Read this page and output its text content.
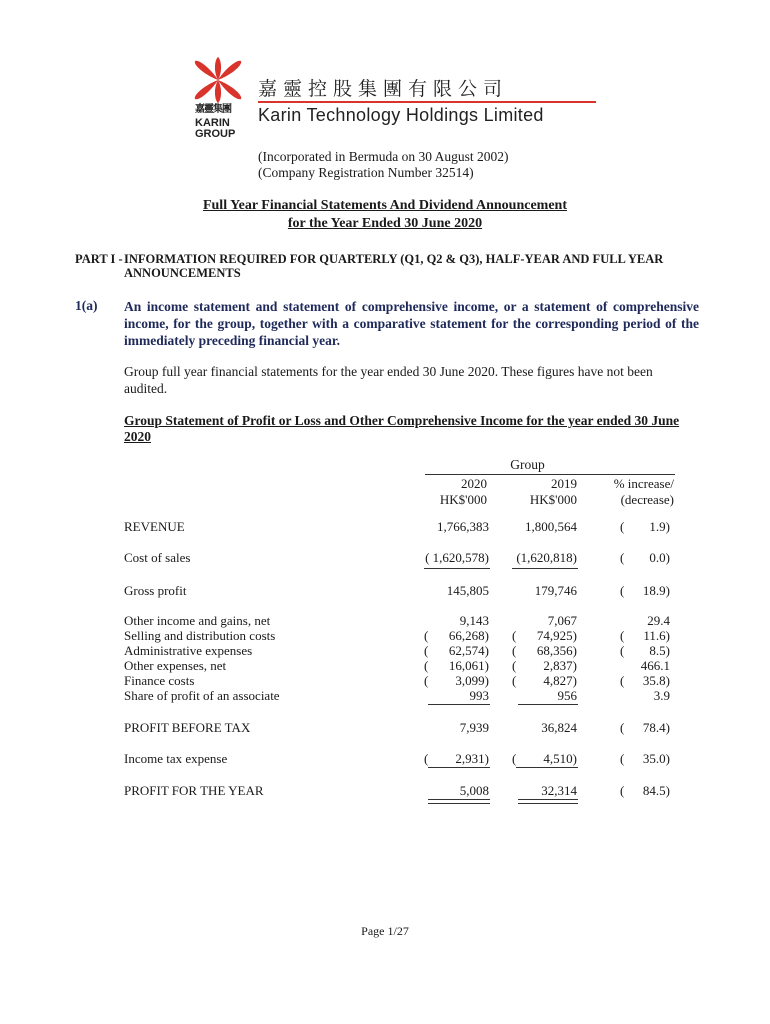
嘉靈集團
KARIN
GROUP
嘉靈控股集團有限公司
Karin Technology Holdings Limited
(Incorporated in Bermuda on 30 August 2002)
(Company Registration Number 32514)
Full Year Financial Statements And Dividend Announcement
for the Year Ended 30 June 2020
PART I - INFORMATION REQUIRED FOR QUARTERLY (Q1, Q2 & Q3), HALF-YEAR AND FULL YEAR ANNOUNCEMENTS
1(a) An income statement and statement of comprehensive income, or a statement of comprehensive income, for the group, together with a comparative statement for the corresponding period of the immediately preceding financial year.
Group full year financial statements for the year ended 30 June 2020. These figures have not been audited.
Group Statement of Profit or Loss and Other Comprehensive Income for the year ended 30 June 2020
Group
2020
HK$'000
2019
HK$'000
% increase/
(decrease)
REVENUE	1,766,383	1,800,564	(	1.9)
Cost of sales	( 1,620,578)	(1,620,818)	(	0.0)
Gross profit	145,805	179,746	(	18.9)
Other income and gains, net	9,143	7,067	29.4
Selling and distribution costs	(	66,268) (	74,925)	(	11.6)
Administrative expenses	(	62,574) (	68,356)	(	8.5)
Other expenses, net	(	16,061) (	2,837)	466.1
Finance costs	(	3,099) (	4,827)	(	35.8)
Share of profit of an associate	993	956	3.9
PROFIT BEFORE TAX	7,939	36,824	(	78.4)
Income tax expense	(	2,931) (	4,510)	(	35.0)
PROFIT FOR THE YEAR	5,008	32,314	(	84.5)
Page 1/27
